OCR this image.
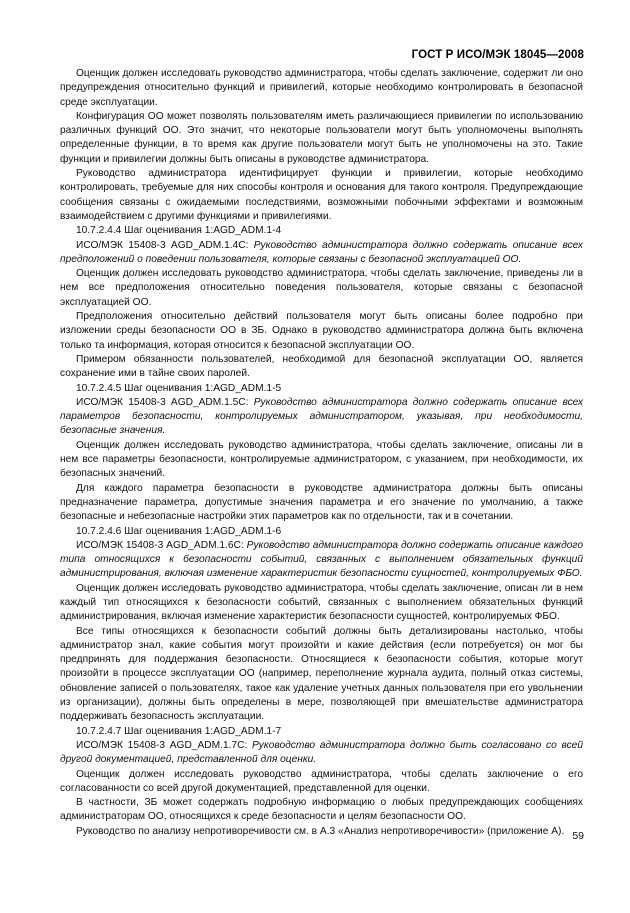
ГОСТ Р ИСО/МЭК 18045—2008

Оценщик должен исследовать руководство администратора, чтобы сделать заключение, содержит ли оно предупреждения относительно функций и привилегий, которые необходимо контролировать в безопасной среде эксплуатации.

Конфигурация ОО может позволять пользователям иметь различающиеся привилегии по использованию различных функций ОО. Это значит, что некоторые пользователи могут быть уполномочены выполнять определенные функции, в то время как другие пользователи могут быть не уполномочены на это. Такие функции и привилегии должны быть описаны в руководстве администратора.

Руководство администратора идентифицирует функции и привилегии, которые необходимо контролировать, требуемые для них способы контроля и основания для такого контроля. Предупреждающие сообщения связаны с ожидаемыми последствиями, возможными побочными эффектами и возможным взаимодействием с другими функциями и привилегиями.

10.7.2.4.4 Шаг оценивания 1:AGD_ADM.1-4

ИСО/МЭК 15408-3 AGD_ADM.1.4С: Руководство администратора должно содержать описание всех предположений о поведении пользователя, которые связаны с безопасной эксплуатацией ОО.

Оценщик должен исследовать руководство администратора, чтобы сделать заключение, приведены ли в нем все предположения относительно поведения пользователя, которые связаны с безопасной эксплуатацией ОО.

Предположения относительно действий пользователя могут быть описаны более подробно при изложении среды безопасности ОО в ЗБ. Однако в руководство администратора должна быть включена только та информация, которая относится к безопасной эксплуатации ОО.

Примером обязанности пользователей, необходимой для безопасной эксплуатации ОО, является сохранение ими в тайне своих паролей.

10.7.2.4.5 Шаг оценивания 1:AGD_ADM.1-5

ИСО/МЭК 15408-3 AGD_ADM.1.5С: Руководство администратора должно содержать описание всех параметров безопасности, контролируемых администратором, указывая, при необходимости, безопасные значения.

Оценщик должен исследовать руководство администратора, чтобы сделать заключение, описаны ли в нем все параметры безопасности, контролируемые администратором, с указанием, при необходимости, их безопасных значений.

Для каждого параметра безопасности в руководстве администратора должны быть описаны предназначение параметра, допустимые значения параметра и его значение по умолчанию, а также безопасные и небезопасные настройки этих параметров как по отдельности, так и в сочетании.

10.7.2.4.6 Шаг оценивания 1:AGD_ADM.1-6

ИСО/МЭК 15408-3 AGD_ADM.1.6С: Руководство администратора должно содержать описание каждого типа относящихся к безопасности событий, связанных с выполнением обязательных функций администрирования, включая изменение характеристик безопасности сущностей, контролируемых ФБО.

Оценщик должен исследовать руководство администратора, чтобы сделать заключение, описан ли в нем каждый тип относящихся к безопасности событий, связанных с выполнением обязательных функций администрирования, включая изменение характеристик безопасности сущностей, контролируемых ФБО.

Все типы относящихся к безопасности событий должны быть детализированы настолько, чтобы администратор знал, какие события могут произойти и какие действия (если потребуется) он мог бы предпринять для поддержания безопасности. Относящиеся к безопасности события, которые могут произойти в процессе эксплуатации ОО (например, переполнение журнала аудита, полный отказ системы, обновление записей о пользователях, такое как удаление учетных данных пользователя при его увольнении из организации), должны быть определены в мере, позволяющей при вмешательстве администратора поддерживать безопасность эксплуатации.

10.7.2.4.7 Шаг оценивания 1:AGD_ADM.1-7

ИСО/МЭК 15408-3 AGD_ADM.1.7С: Руководство администратора должно быть согласовано со всей другой документацией, представленной для оценки.

Оценщик должен исследовать руководство администратора, чтобы сделать заключение о его согласованности со всей другой документацией, представленной для оценки.

В частности, ЗБ может содержать подробную информацию о любых предупреждающих сообщениях администраторам ОО, относящихся к среде безопасности и целям безопасности ОО.

Руководство по анализу непротиворечивости см. в А.3 «Анализ непротиворечивости» (приложение А). 59
